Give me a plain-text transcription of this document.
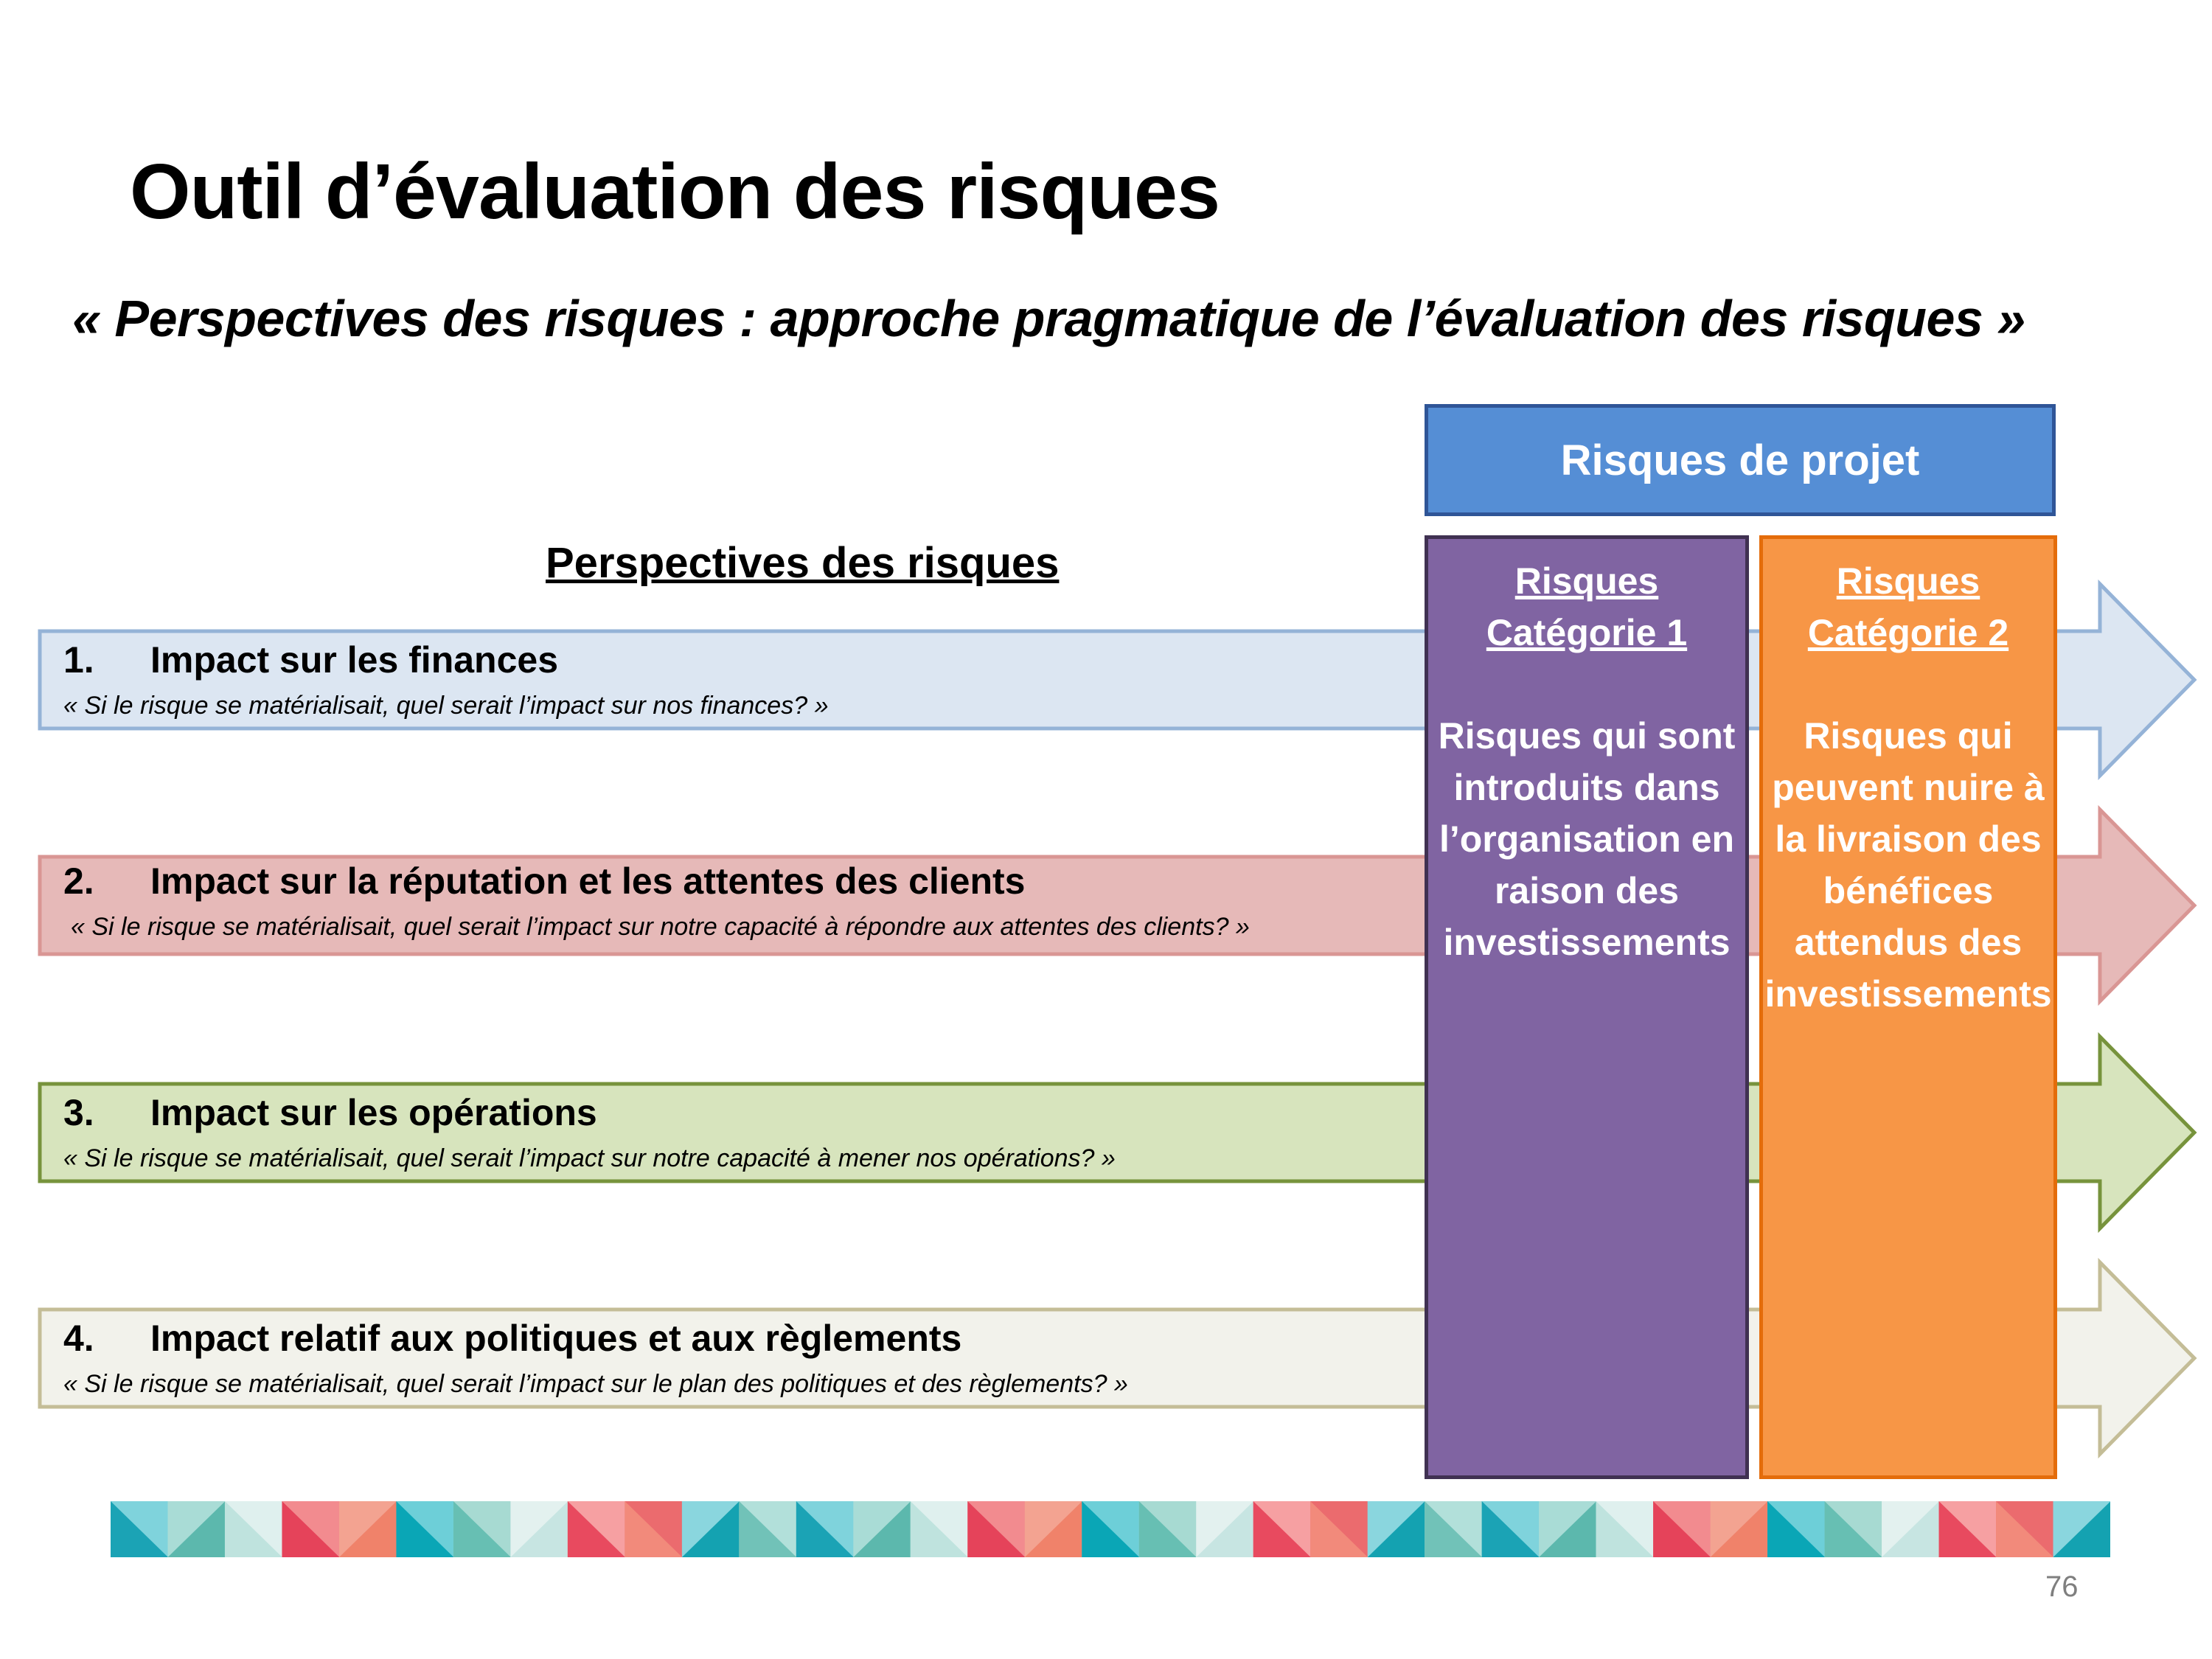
Outil d’évaluation des risques
« Perspectives des risques : approche pragmatique de l’évaluation des risques »
Perspectives des risques
1. Impact sur les finances
« Si le risque se matérialisait, quel serait l’impact sur nos finances? »
2. Impact sur la réputation et les attentes des clients
« Si le risque se matérialisait, quel serait l’impact sur notre capacité à répondre aux attentes des clients? »
3. Impact sur les opérations
« Si le risque se matérialisait, quel serait l’impact sur notre capacité à mener nos opérations? »
4. Impact relatif aux politiques et aux règlements
« Si le risque se matérialisait, quel serait l’impact sur le plan des politiques et des règlements? »
Risques de projet
Risques
Catégorie 1
Risques qui sont
introduits dans
l’organisation en
raison des
investissements
Risques
Catégorie 2
Risques qui
peuvent nuire à
la livraison des
bénéfices
attendus des
investissements
76
